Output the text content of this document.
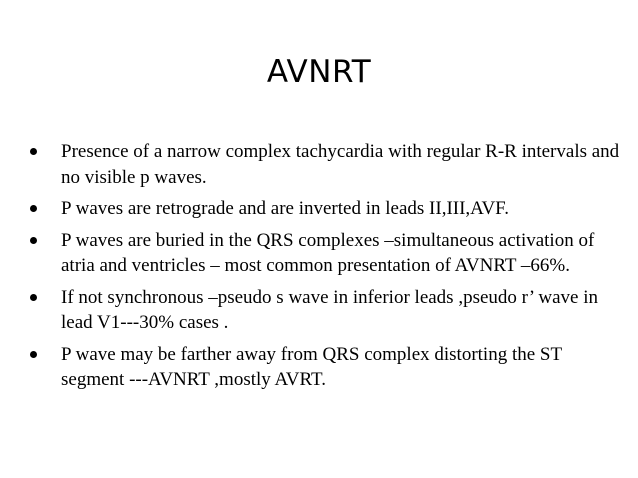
AVNRT
Presence of a narrow complex tachycardia with regular R-R intervals and no visible p waves.
P waves are retrograde and are inverted in leads II,III,AVF.
P waves are buried in the QRS complexes –simultaneous activation of atria and ventricles – most common presentation of AVNRT –66%.
If not synchronous –pseudo s wave in inferior leads ,pseudo r’ wave in lead V1---30% cases .
P wave may be farther away from QRS complex distorting the ST segment ---AVNRT ,mostly AVRT.
